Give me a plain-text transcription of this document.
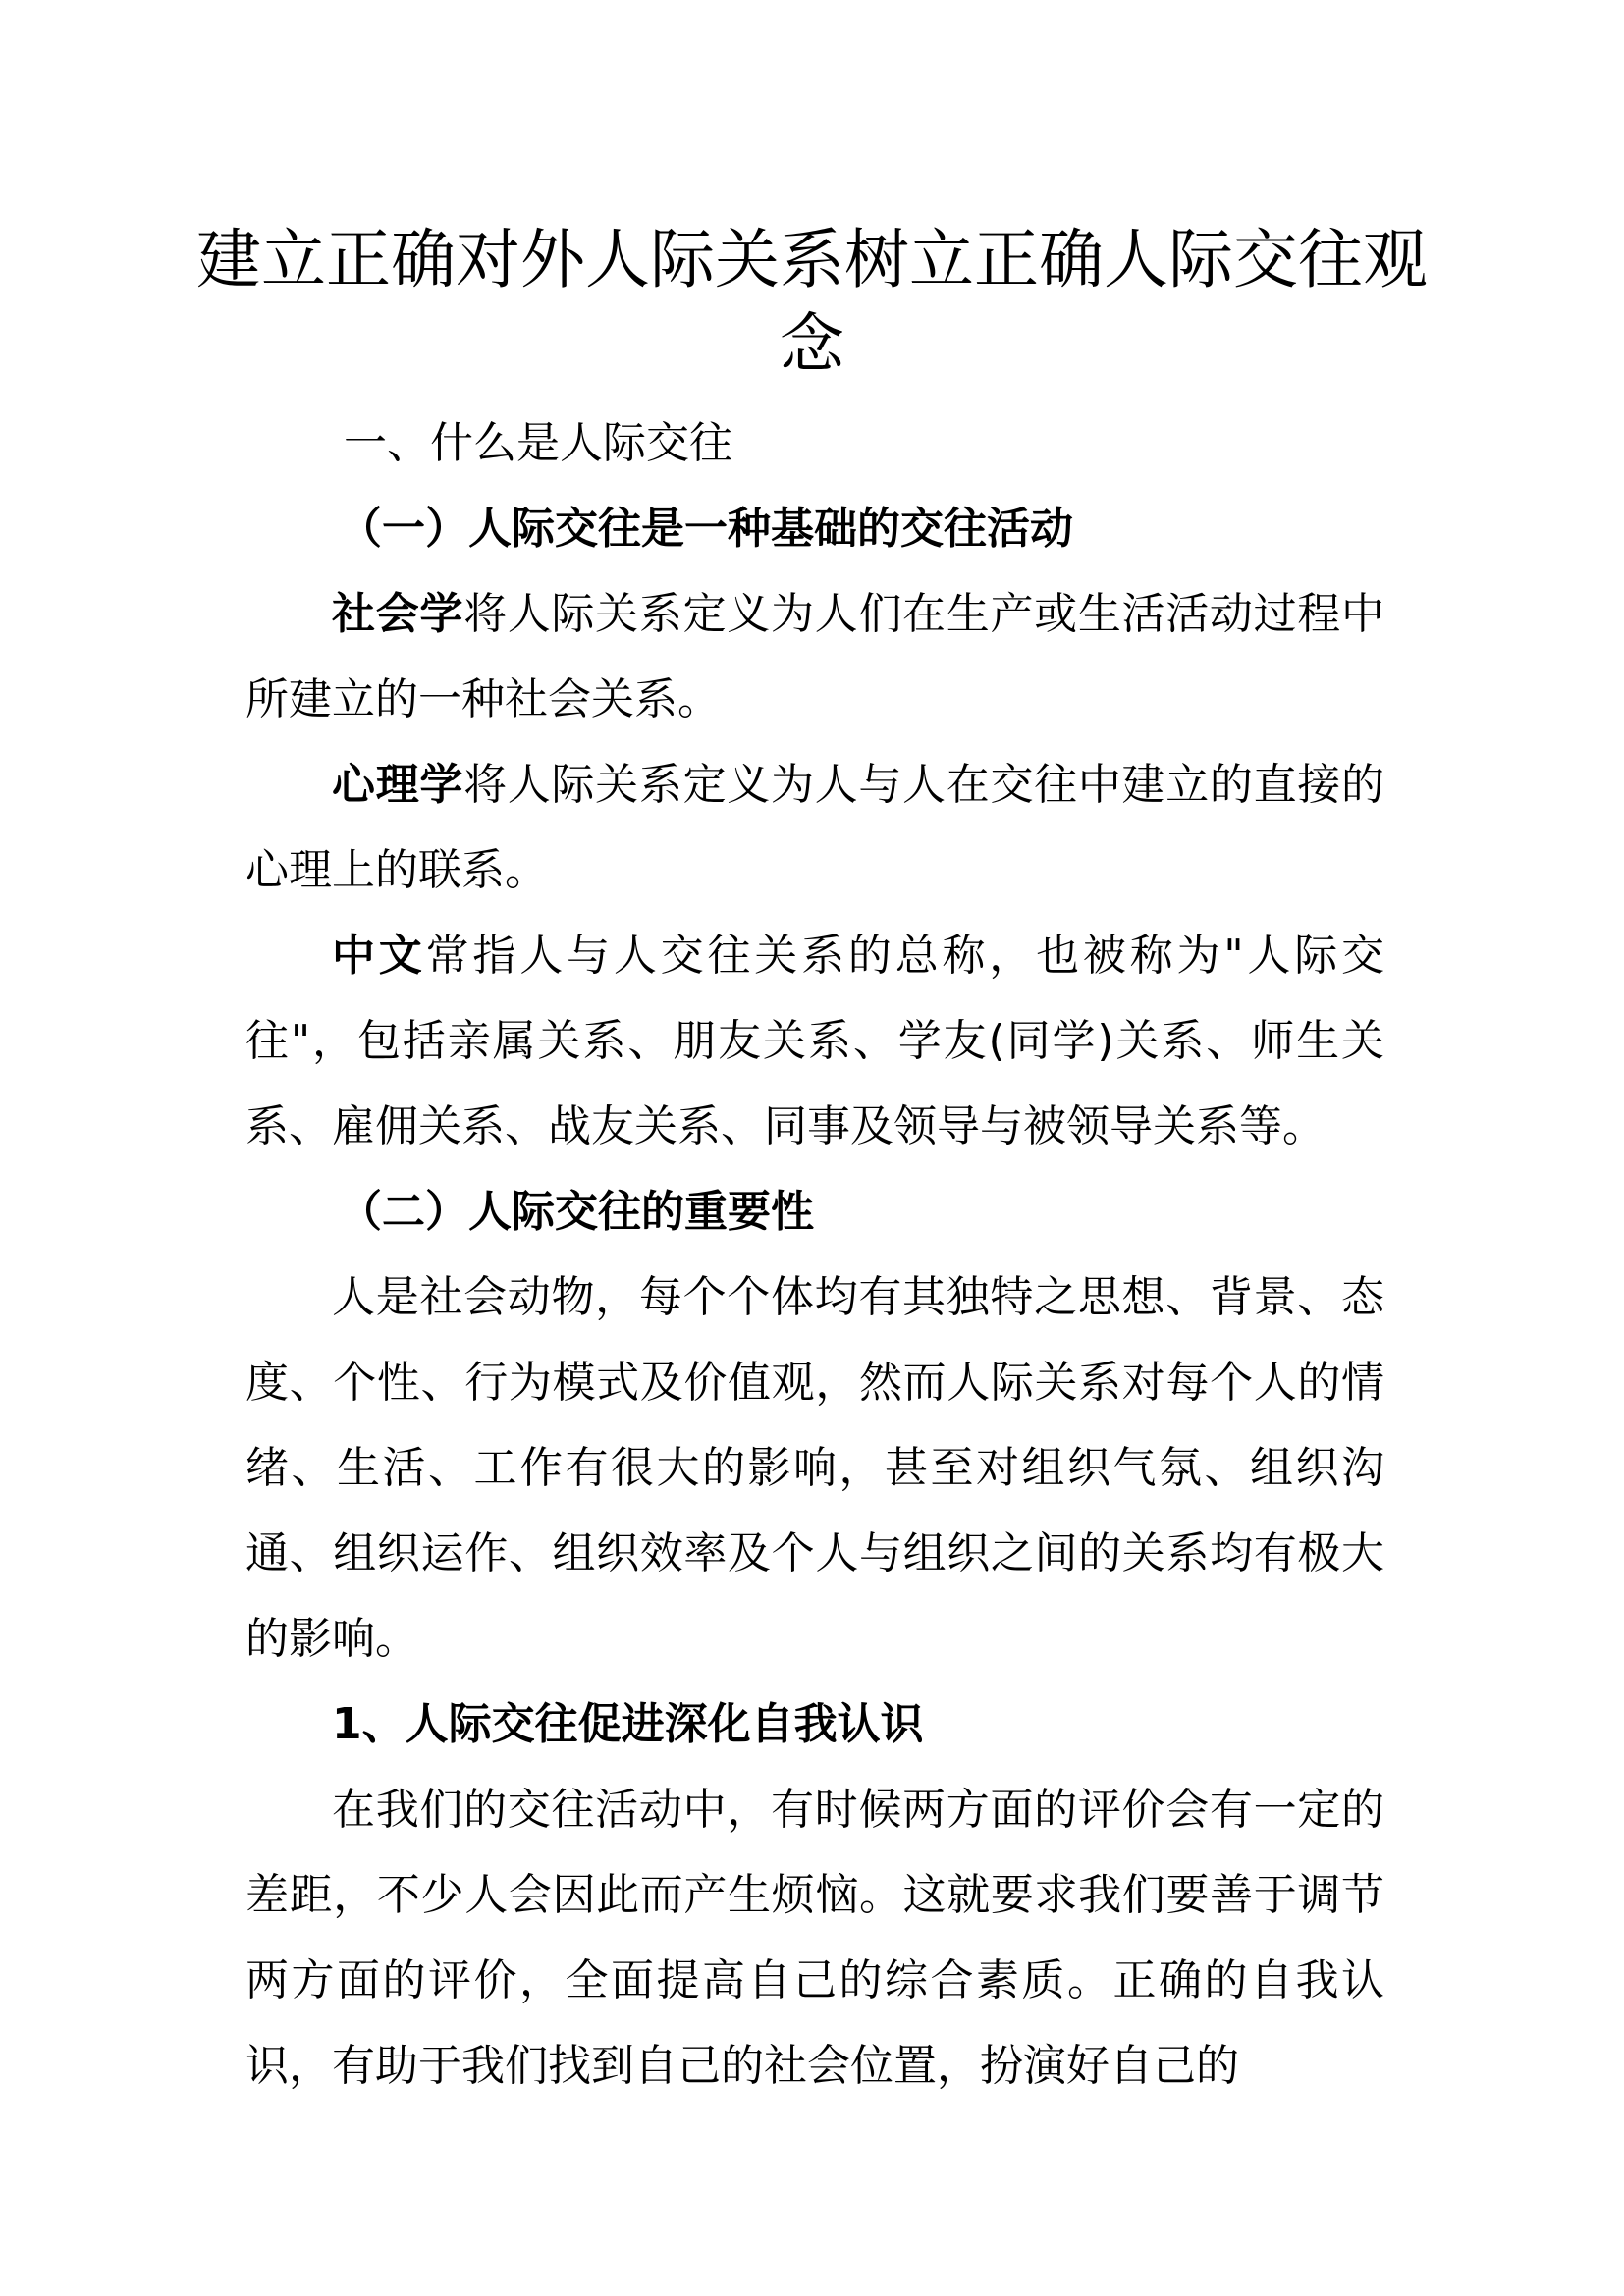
建立正确对外人际关系树立正确人际交往观念

一、什么是人际交往

（一）人际交往是一种基础的交往活动

社会学将人际关系定义为人们在生产或生活活动过程中所建立的一种社会关系。

心理学将人际关系定义为人与人在交往中建立的直接的心理上的联系。

中文常指人与人交往关系的总称，也被称为"人际交往"，包括亲属关系、朋友关系、学友(同学)关系、师生关系、雇佣关系、战友关系、同事及领导与被领导关系等。

（二）人际交往的重要性

人是社会动物，每个个体均有其独特之思想、背景、态度、个性、行为模式及价值观，然而人际关系对每个人的情绪、生活、工作有很大的影响，甚至对组织气氛、组织沟通、组织运作、组织效率及个人与组织之间的关系均有极大的影响。

1、人际交往促进深化自我认识

在我们的交往活动中，有时候两方面的评价会有一定的差距，不少人会因此而产生烦恼。这就要求我们要善于调节两方面的评价，全面提高自己的综合素质。正确的自我认识，有助于我们找到自己的社会位置，扮演好自己的
